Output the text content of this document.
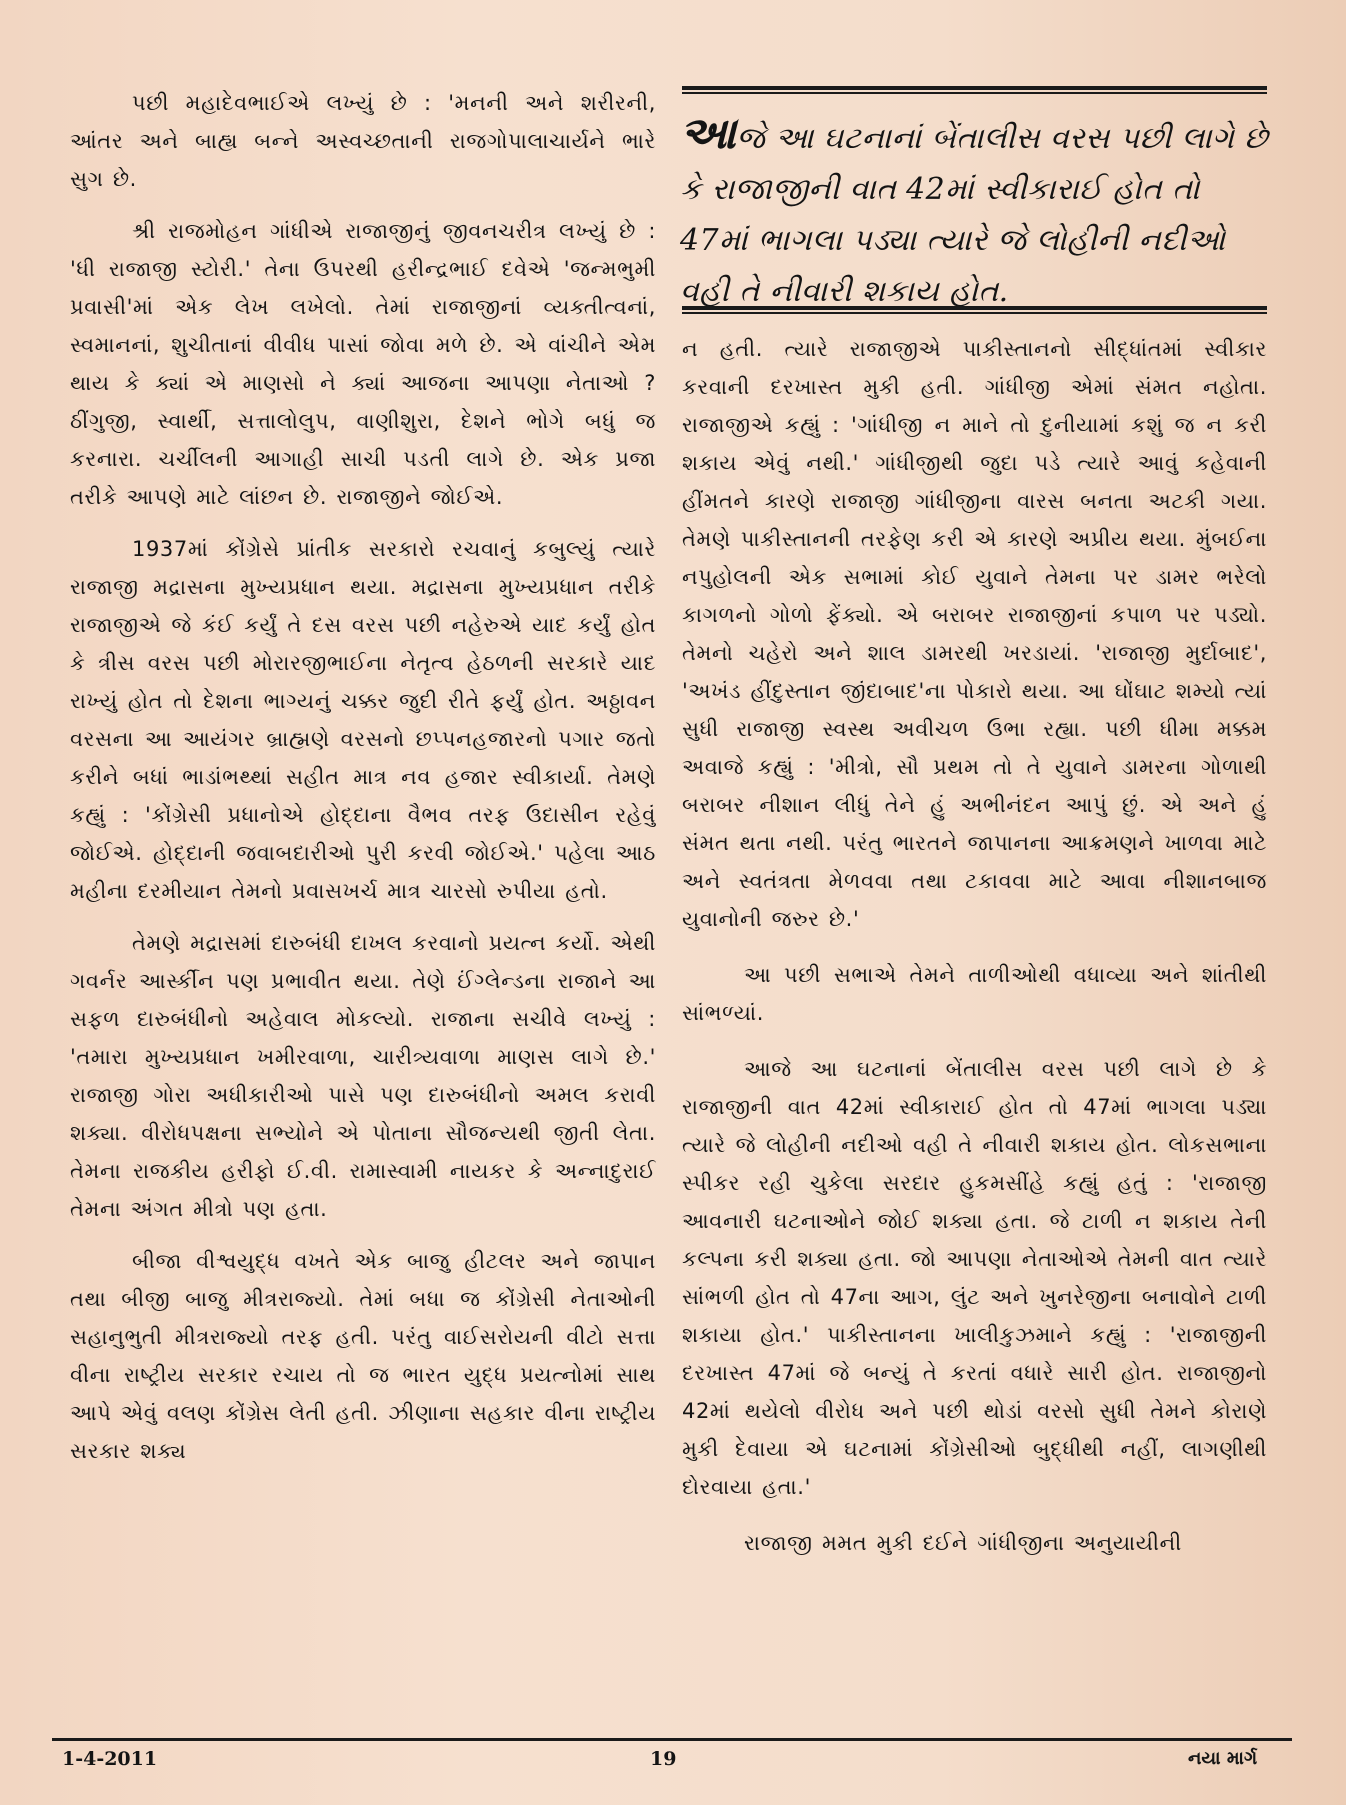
પછી મહાદેવભાઈએ લખ્યું છે : 'મનની અને શરીરની, આંતર અને બાહ્ય બન્ને અસ્વચ્છતાની રાજગોપાલાચાર્યને ભારે સુગ છે.

શ્રી રાજમોહન ગાંધીએ રાજાજીનું જીવનચરીત્ર લખ્યું છે : 'ધી રાજાજી સ્ટોરી.' તેના ઉપરથી હરીન્દ્રભાઈ દવેએ 'જન્મભુમી પ્રવાસી'માં એક લેખ લખેલો. તેમાં રાજાજીનાં વ્યક્તીત્વનાં, સ્વમાનનાં, શુચીતાનાં વીવીધ પાસાં જોવા મળે છે. એ વાંચીને એમ થાય કે ક્યાં એ માણસો ને ક્યાં આજના આપણા નેતાઓ ? ઠીંગુજી, સ્વાર્થી, સત્તાલોલુપ, વાણીશુરા, દેશને ભોગે બધું જ કરનારા. ચર્ચીલની આગાહી સાચી પડતી લાગે છે. એક પ્રજા તરીકે આપણે માટે લાંછન છે. રાજાજીને જોઈએ.

1937માં કોંગ્રેસે પ્રાંતીક સરકારો રચવાનું કબુલ્યું ત્યારે રાજાજી મદ્રાસના મુખ્યપ્રધાન થયા. મદ્રાસના મુખ્યપ્રધાન તરીકે રાજાજીએ જે કંઈ કર્યું તે દસ વરસ પછી નહેરુએ યાદ કર્યું હોત કે ત્રીસ વરસ પછી મોરારજીભાઈના નેતૃત્વ હેઠળની સરકારે યાદ રાખ્યું હોત તો દેશના ભાગ્યનું ચક્કર જુદી રીતે ફર્યું હોત. અઠ્ઠાવન વરસના આ આયંગર બ્રાહ્મણે વરસનો છપ્પનહજારનો પગાર જતો કરીને બધાં ભાડાંભથ્થાં સહીત માત્ર નવ હજાર સ્વીકાર્યા. તેમણે કહ્યું : 'કોંગ્રેસી પ્રધાનોએ હોદ્દાના વૈભવ તરફ ઉદાસીન રહેવું જોઈએ. હોદ્દાની જવાબદારીઓ પુરી કરવી જોઈએ.' પહેલા આઠ મહીના દરમીયાન તેમનો પ્રવાસખર્ચ માત્ર ચારસો રુપીયા હતો.

તેમણે મદ્રાસમાં દારુબંધી દાખલ કરવાનો પ્રયત્ન કર્યો. એથી ગવર્નર આર્સ્કીન પણ પ્રભાવીત થયા. તેણે ઈંગ્લેન્ડના રાજાને આ સફળ દારુબંધીનો અહેવાલ મોકલ્યો. રાજાના સચીવે લખ્યું : 'તમારા મુખ્યપ્રધાન ખમીરવાળા, ચારીત્ર્યવાળા માણસ લાગે છે.' રાજાજી ગોરા અધીકારીઓ પાસે પણ દારુબંધીનો અમલ કરાવી શક્યા. વીરોધપક્ષના સભ્યોને એ પોતાના સૌજન્યથી જીતી લેતા. તેમના રાજકીય હરીફો ઈ.વી. રામાસ્વામી નાયકર કે અન્નાદુરાઈ તેમના અંગત મીત્રો પણ હતા.

બીજા વીશ્વયુદ્ધ વખતે એક બાજુ હીટલર અને જાપાન તથા બીજી બાજુ મીત્રરાજ્યો. તેમાં બધા જ કોંગ્રેસી નેતાઓની સહાનુભુતી મીત્રરાજ્યો તરફ હતી. પરંતુ વાઈસરોયની વીટો સત્તા વીના રાષ્ટ્રીય સરકાર રચાય તો જ ભારત યુદ્ધ પ્રયત્નોમાં સાથ આપે એવું વલણ કોંગ્રેસ લેતી હતી. ઝીણાના સહકાર વીના રાષ્ટ્રીય સરકાર શક્ય

આજે આ ઘટનાનાં બેંતાલીસ વરસ પછી લાગે છે કે રાજાજીની વાત 42માં સ્વીકારાઈ હોત તો 47માં ભાગલા પડ્યા ત્યારે જે લોહીની નદીઓ વહી તે નીવારી શકાય હોત.

ન હતી. ત્યારે રાજાજીએ પાકીસ્તાનનો સીદ્ધાંતમાં સ્વીકાર કરવાની દરખાસ્ત મુકી હતી. ગાંધીજી એમાં સંમત નહોતા. રાજાજીએ કહ્યું : 'ગાંધીજી ન માને તો દુનીયામાં કશું જ ન કરી શકાય એવું નથી.' ગાંધીજીથી જુદા પડે ત્યારે આવું કહેવાની હીંમતને કારણે રાજાજી ગાંધીજીના વારસ બનતા અટકી ગયા. તેમણે પાકીસ્તાનની તરફેણ કરી એ કારણે અપ્રીય થયા. મુંબઈના નપુહોલની એક સભામાં કોઈ યુવાને તેમના પર ડામર ભરેલો કાગળનો ગોળો ફેંક્યો. એ બરાબર રાજાજીનાં કપાળ પર પડ્યો. તેમનો ચહેરો અને શાલ ડામરથી ખરડાયાં. 'રાજાજી મુર્દાબાદ', 'અખંડ હીંદુસ્તાન જીંદાબાદ'ના પોકારો થયા. આ ઘોંઘાટ શમ્યો ત્યાં સુધી રાજાજી સ્વસ્થ અવીચળ ઉભા રહ્યા. પછી ધીમા મક્કમ અવાજે કહ્યું : 'મીત્રો, સૌ પ્રથમ તો તે યુવાને ડામરના ગોળાથી બરાબર નીશાન લીધું તેને હું અભીનંદન આપું છું. એ અને હું સંમત થતા નથી. પરંતુ ભારતને જાપાનના આક્રમણને ખાળવા માટે અને સ્વતંત્રતા મેળવવા તથા ટકાવવા માટે આવા નીશાનબાજ યુવાનોની જરુર છે.'

આ પછી સભાએ તેમને તાળીઓથી વધાવ્યા અને શાંતીથી સાંભળ્યાં.

આજે આ ઘટનાનાં બેંતાલીસ વરસ પછી લાગે છે કે રાજાજીની વાત 42માં સ્વીકારાઈ હોત તો 47માં ભાગલા પડ્યા ત્યારે જે લોહીની નદીઓ વહી તે નીવારી શકાય હોત. લોકસભાના સ્પીકર રહી ચુકેલા સરદાર હુકમસીંહે કહ્યું હતું : 'રાજાજી આવનારી ઘટનાઓને જોઈ શક્યા હતા. જે ટાળી ન શકાય તેની કલ્પના કરી શક્યા હતા. જો આપણા નેતાઓએ તેમની વાત ત્યારે સાંભળી હોત તો 47ના આગ, લુંટ અને ખુનરેજીના બનાવોને ટાળી શકાયા હોત.' પાકીસ્તાનના ખાલીકુઝમાને કહ્યું : 'રાજાજીની દરખાસ્ત 47માં જે બન્યું તે કરતાં વધારે સારી હોત. રાજાજીનો 42માં થયેલો વીરોધ અને પછી થોડાં વરસો સુધી તેમને કોરાણે મુકી દેવાયા એ ઘટનામાં કોંગ્રેસીઓ બુદ્ધીથી નહીં, લાગણીથી દોરવાયા હતા.'

રાજાજી મમત મુકી દઈને ગાંધીજીના અનુયાયીની

1-4-2011	19	નયા માર્ગ
